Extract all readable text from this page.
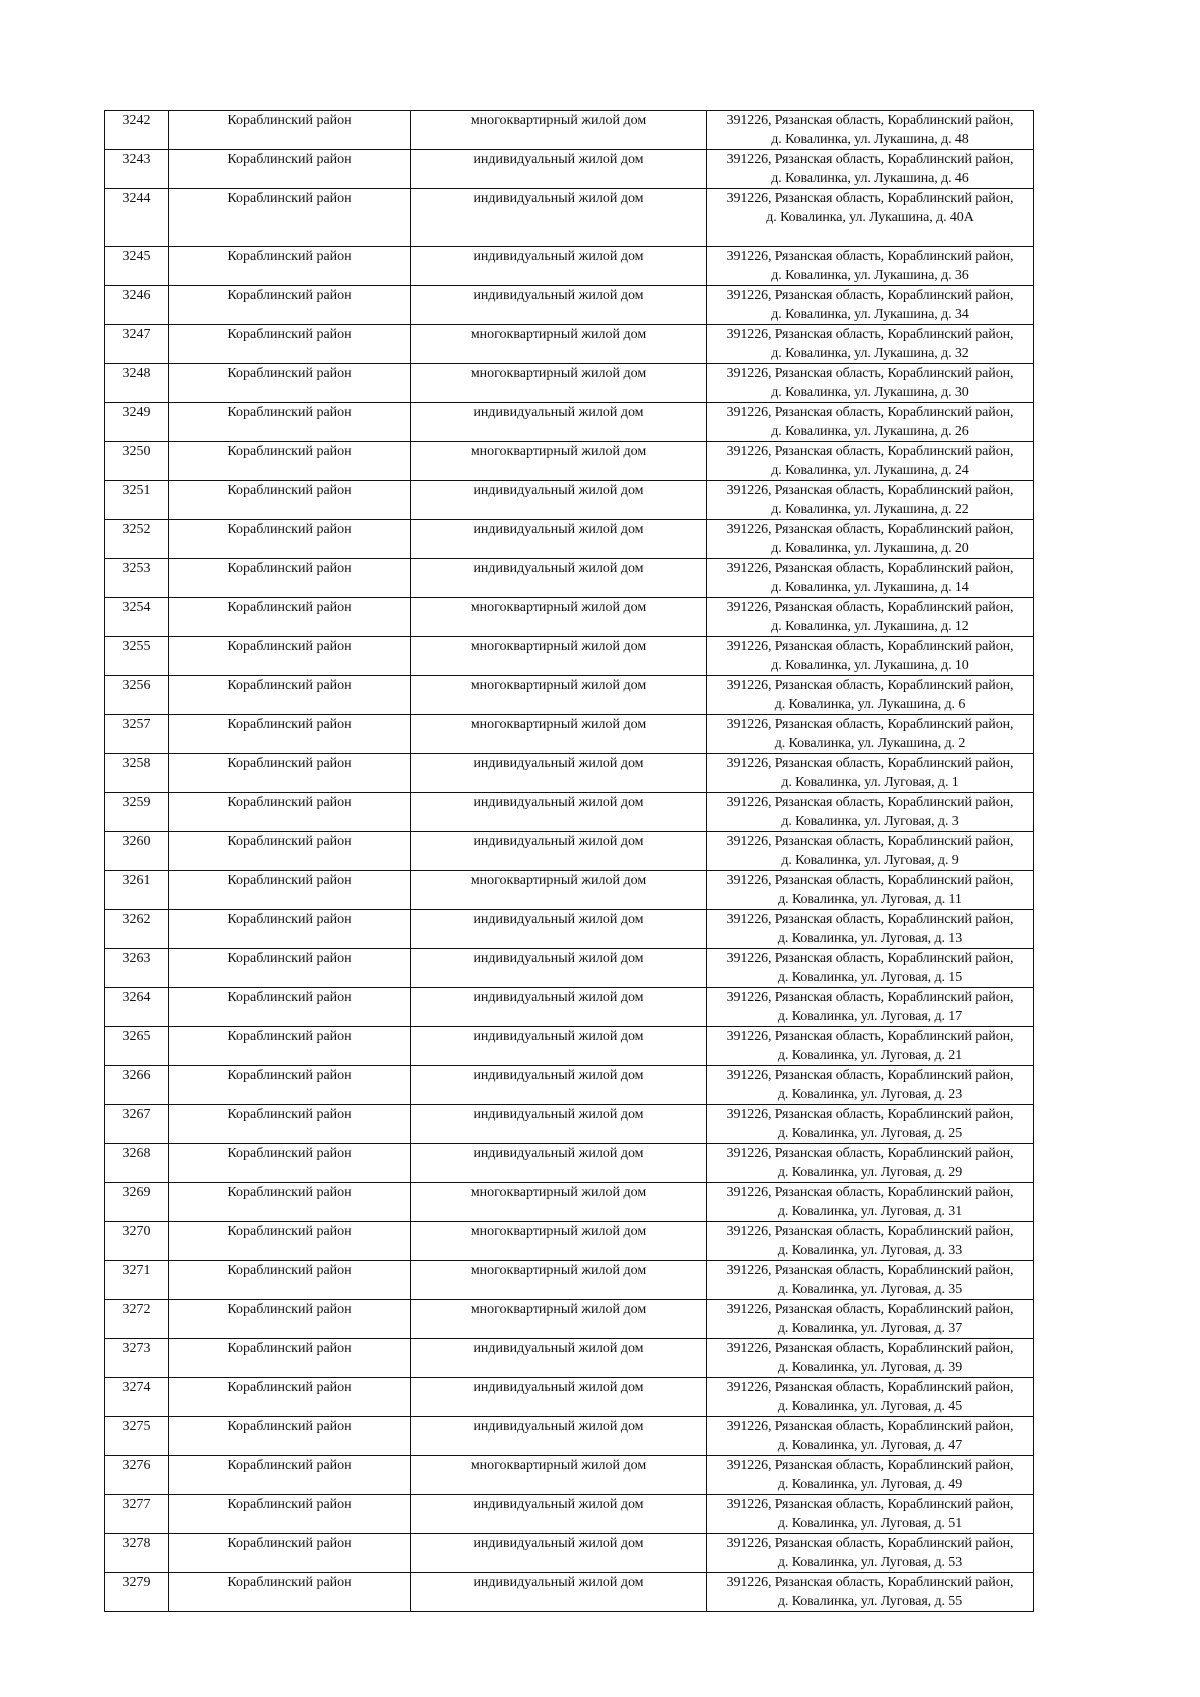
3242	Кораблинский район	многоквартирный жилой дом	391226, Рязанская область, Кораблинский район,
д. Ковалинка, ул. Лукашина, д. 48

3243	Кораблинский район	индивидуальный жилой дом	391226, Рязанская область, Кораблинский район,
д. Ковалинка, ул. Лукашина, д. 46

3244	Кораблинский район	индивидуальный жилой дом	391226, Рязанская область, Кораблинский район,
д. Ковалинка, ул. Лукашина, д. 40А

3245	Кораблинский район	индивидуальный жилой дом	391226, Рязанская область, Кораблинский район,
д. Ковалинка, ул. Лукашина, д. 36

3246	Кораблинский район	индивидуальный жилой дом	391226, Рязанская область, Кораблинский район,
д. Ковалинка, ул. Лукашина, д. 34

3247	Кораблинский район	многоквартирный жилой дом	391226, Рязанская область, Кораблинский район,
д. Ковалинка, ул. Лукашина, д. 32

3248	Кораблинский район	многоквартирный жилой дом	391226, Рязанская область, Кораблинский район,
д. Ковалинка, ул. Лукашина, д. 30

3249	Кораблинский район	индивидуальный жилой дом	391226, Рязанская область, Кораблинский район,
д. Ковалинка, ул. Лукашина, д. 26

3250	Кораблинский район	многоквартирный жилой дом	391226, Рязанская область, Кораблинский район,
д. Ковалинка, ул. Лукашина, д. 24

3251	Кораблинский район	индивидуальный жилой дом	391226, Рязанская область, Кораблинский район,
д. Ковалинка, ул. Лукашина, д. 22

3252	Кораблинский район	индивидуальный жилой дом	391226, Рязанская область, Кораблинский район,
д. Ковалинка, ул. Лукашина, д. 20

3253	Кораблинский район	индивидуальный жилой дом	391226, Рязанская область, Кораблинский район,
д. Ковалинка, ул. Лукашина, д. 14

3254	Кораблинский район	многоквартирный жилой дом	391226, Рязанская область, Кораблинский район,
д. Ковалинка, ул. Лукашина, д. 12

3255	Кораблинский район	многоквартирный жилой дом	391226, Рязанская область, Кораблинский район,
д. Ковалинка, ул. Лукашина, д. 10

3256	Кораблинский район	многоквартирный жилой дом	391226, Рязанская область, Кораблинский район,
д. Ковалинка, ул. Лукашина, д. 6

3257	Кораблинский район	многоквартирный жилой дом	391226, Рязанская область, Кораблинский район,
д. Ковалинка, ул. Лукашина, д. 2

3258	Кораблинский район	индивидуальный жилой дом	391226, Рязанская область, Кораблинский район,
д. Ковалинка, ул. Луговая, д. 1

3259	Кораблинский район	индивидуальный жилой дом	391226, Рязанская область, Кораблинский район,
д. Ковалинка, ул. Луговая, д. 3

3260	Кораблинский район	индивидуальный жилой дом	391226, Рязанская область, Кораблинский район,
д. Ковалинка, ул. Луговая, д. 9

3261	Кораблинский район	многоквартирный жилой дом	391226, Рязанская область, Кораблинский район,
д. Ковалинка, ул. Луговая, д. 11

3262	Кораблинский район	индивидуальный жилой дом	391226, Рязанская область, Кораблинский район,
д. Ковалинка, ул. Луговая, д. 13

3263	Кораблинский район	индивидуальный жилой дом	391226, Рязанская область, Кораблинский район,
д. Ковалинка, ул. Луговая, д. 15

3264	Кораблинский район	индивидуальный жилой дом	391226, Рязанская область, Кораблинский район,
д. Ковалинка, ул. Луговая, д. 17

3265	Кораблинский район	индивидуальный жилой дом	391226, Рязанская область, Кораблинский район,
д. Ковалинка, ул. Луговая, д. 21

3266	Кораблинский район	индивидуальный жилой дом	391226, Рязанская область, Кораблинский район,
д. Ковалинка, ул. Луговая, д. 23

3267	Кораблинский район	индивидуальный жилой дом	391226, Рязанская область, Кораблинский район,
д. Ковалинка, ул. Луговая, д. 25

3268	Кораблинский район	индивидуальный жилой дом	391226, Рязанская область, Кораблинский район,
д. Ковалинка, ул. Луговая, д. 29

3269	Кораблинский район	многоквартирный жилой дом	391226, Рязанская область, Кораблинский район,
д. Ковалинка, ул. Луговая, д. 31

3270	Кораблинский район	многоквартирный жилой дом	391226, Рязанская область, Кораблинский район,
д. Ковалинка, ул. Луговая, д. 33

3271	Кораблинский район	многоквартирный жилой дом	391226, Рязанская область, Кораблинский район,
д. Ковалинка, ул. Луговая, д. 35

3272	Кораблинский район	многоквартирный жилой дом	391226, Рязанская область, Кораблинский район,
д. Ковалинка, ул. Луговая, д. 37

3273	Кораблинский район	индивидуальный жилой дом	391226, Рязанская область, Кораблинский район,
д. Ковалинка, ул. Луговая, д. 39

3274	Кораблинский район	индивидуальный жилой дом	391226, Рязанская область, Кораблинский район,
д. Ковалинка, ул. Луговая, д. 45

3275	Кораблинский район	индивидуальный жилой дом	391226, Рязанская область, Кораблинский район,
д. Ковалинка, ул. Луговая, д. 47

3276	Кораблинский район	многоквартирный жилой дом	391226, Рязанская область, Кораблинский район,
д. Ковалинка, ул. Луговая, д. 49

3277	Кораблинский район	индивидуальный жилой дом	391226, Рязанская область, Кораблинский район,
д. Ковалинка, ул. Луговая, д. 51

3278	Кораблинский район	индивидуальный жилой дом	391226, Рязанская область, Кораблинский район,
д. Ковалинка, ул. Луговая, д. 53

3279	Кораблинский район	индивидуальный жилой дом	391226, Рязанская область, Кораблинский район,
д. Ковалинка, ул. Луговая, д. 55
